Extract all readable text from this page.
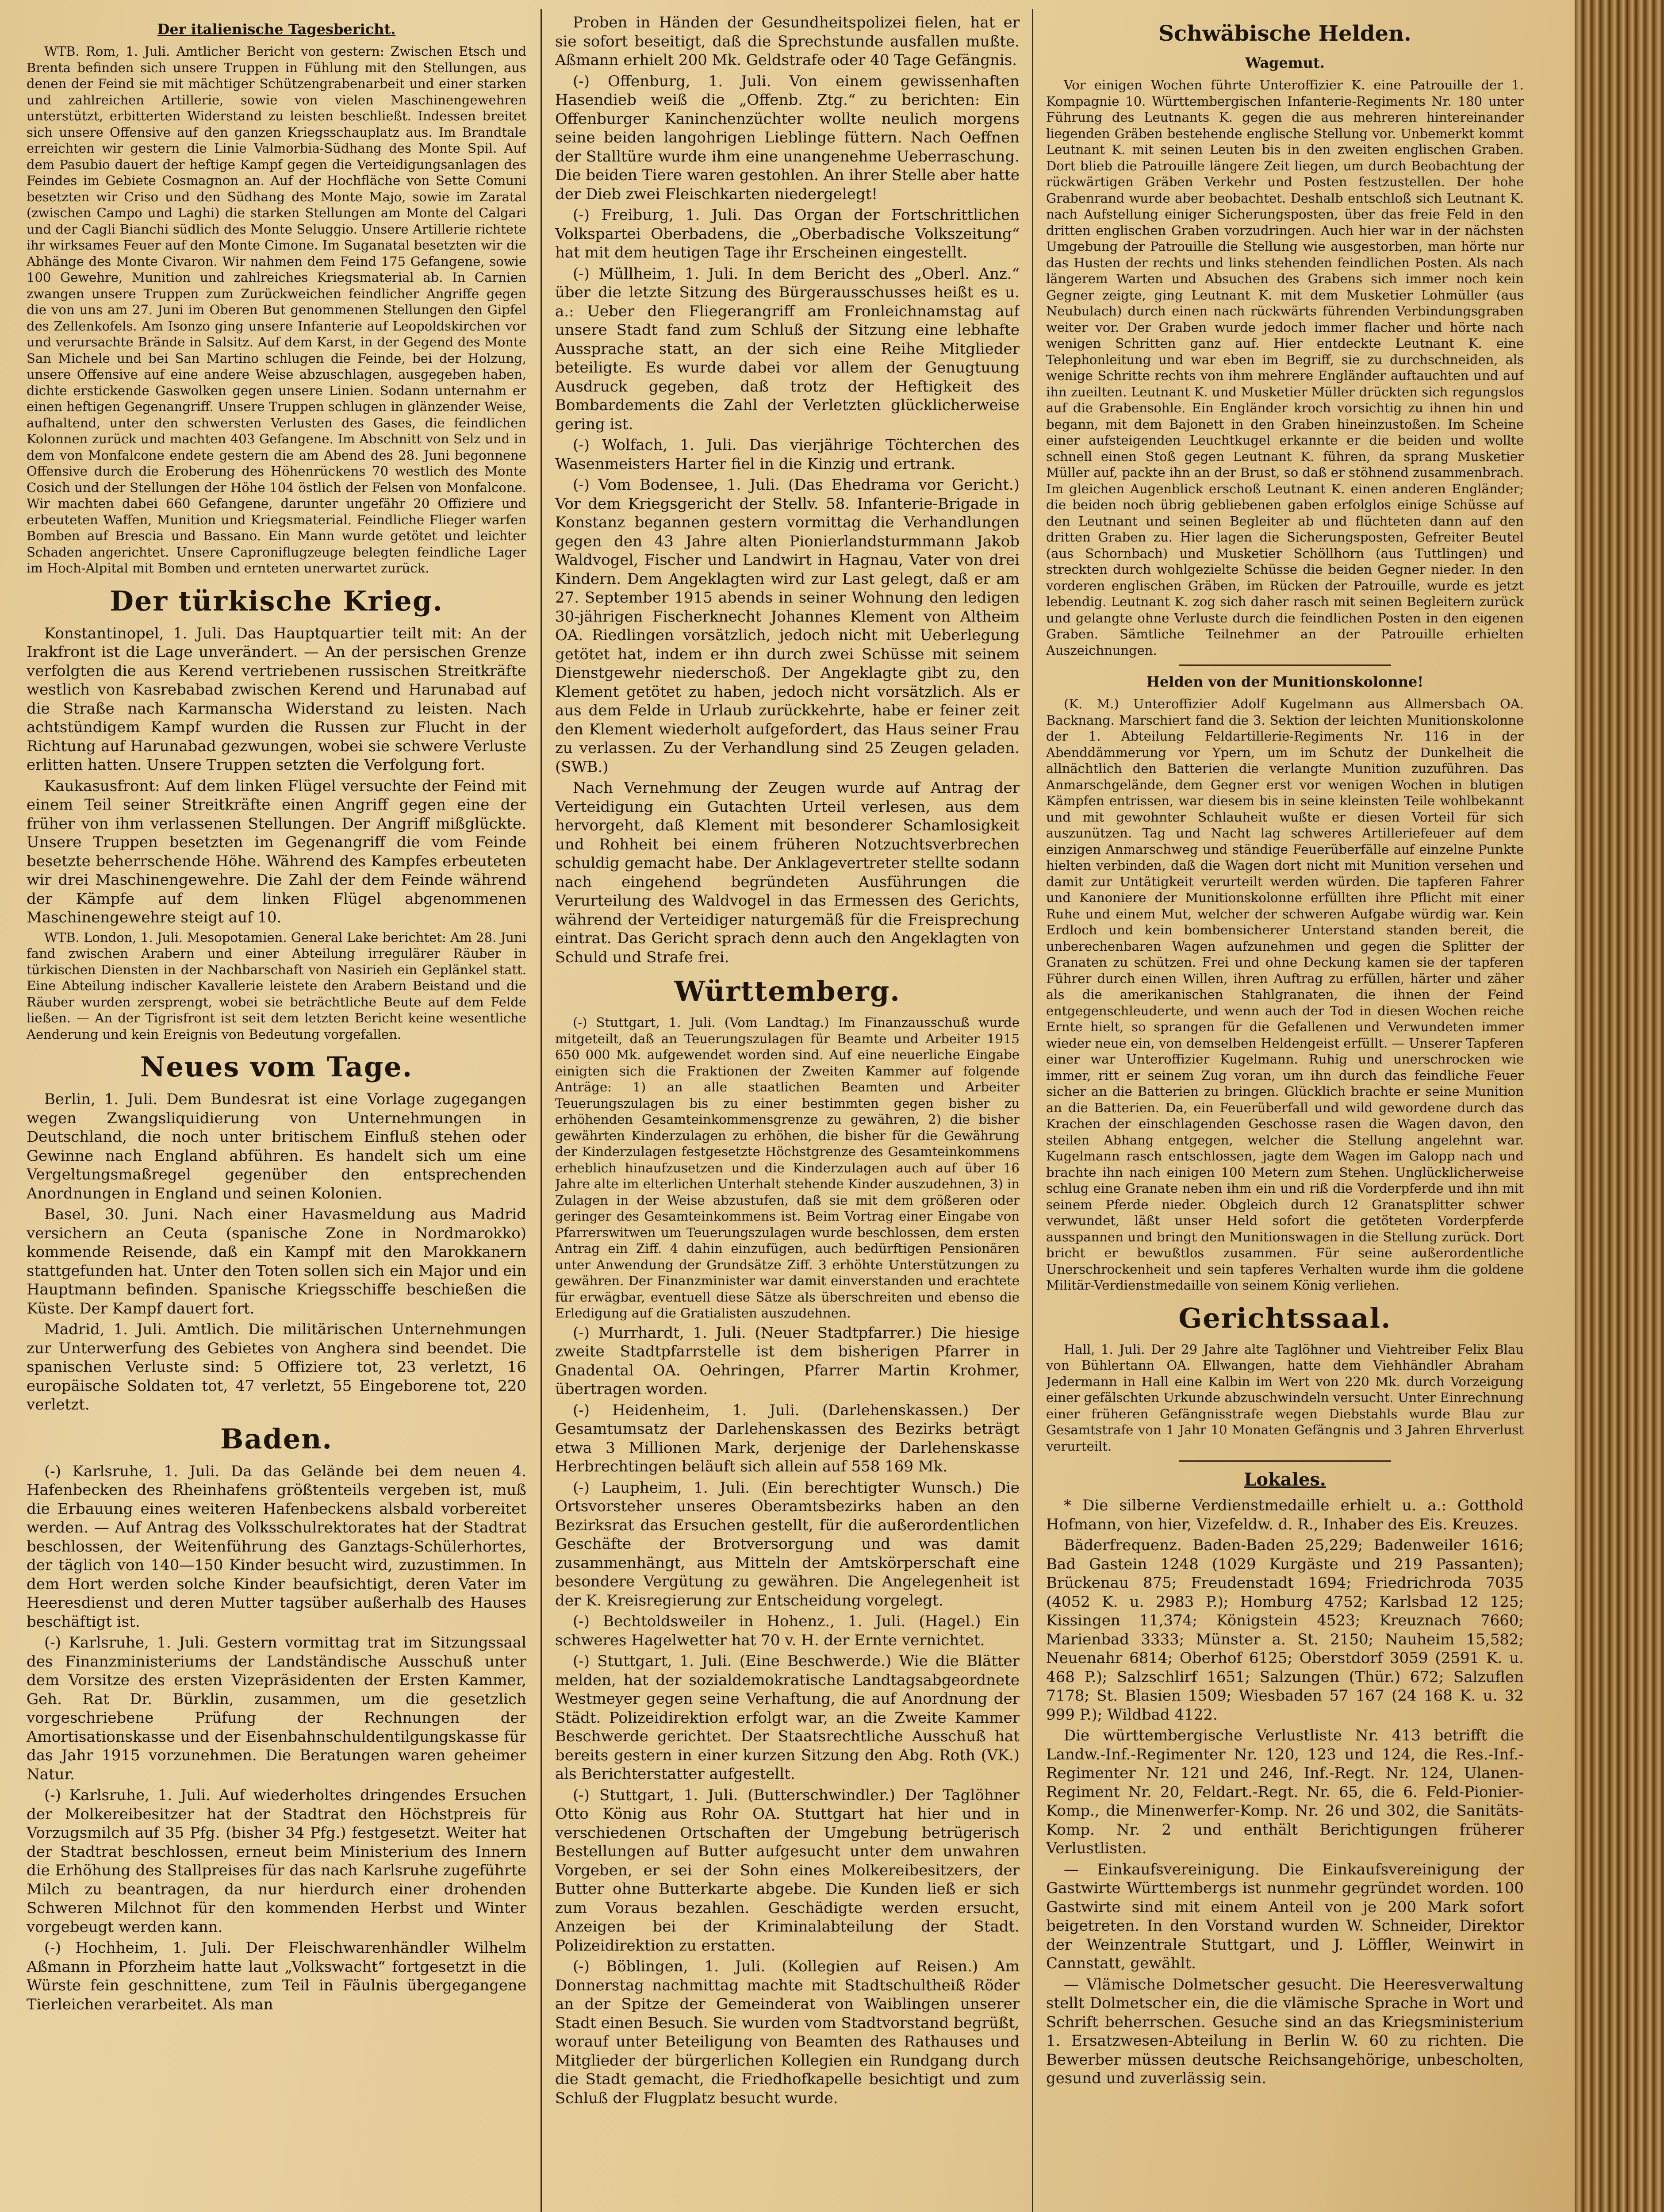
Der italienische Tagesbericht.

WTB. Rom, 1. Juli. Amtlicher Bericht von gestern: Zwischen Etsch und Brenta befinden sich unsere Truppen in Fühlung mit den Stellungen, aus denen der Feind sie mit mächtiger Schützengrabenarbeit und einer starken und zahlreichen Artillerie, sowie von vielen Maschinengewehren unterstützt, erbitterten Widerstand zu leisten beschließt. Indessen breitet sich unsere Offensive auf den ganzen Kriegsschauplatz aus. Im Brandtale erreichten wir gestern die Linie Valmorbia-Südhang des Monte Spil. Auf dem Pasubio dauert der heftige Kampf gegen die Verteidigungsanlagen des Feindes im Gebiete Cosmagnon an. Auf der Hochfläche von Sette Comuni besetzten wir Criso und den Südhang des Monte Majo, sowie im Zaratal (zwischen Campo und Laghi) die starken Stellungen am Monte del Calgari und der Cagli Bianchi südlich des Monte Seluggio. Unsere Artillerie richtete ihr wirksames Feuer auf den Monte Cimone. Im Suganatal besetzten wir die Abhänge des Monte Civaron. Wir nahmen dem Feind 175 Gefangene, sowie 100 Gewehre, Munition und zahlreiches Kriegsmaterial ab. In Carnien zwangen unsere Truppen zum Zurückweichen feindlicher Angriffe gegen die von uns am 27. Juni im Oberen But genommenen Stellungen den Gipfel des Zellenkofels. Am Isonzo ging unsere Infanterie auf Leopoldskirchen vor und verursachte Brände in Salsitz. Auf dem Karst, in der Gegend des Monte San Michele und bei San Martino schlugen die Feinde, bei der Holzung, unsere Offensive auf eine andere Weise abzuschlagen, ausgegeben haben, dichte erstickende Gaswolken gegen unsere Linien. Sodann unternahm er einen heftigen Gegenangriff. Unsere Truppen schlugen in glänzender Weise, aufhaltend, unter den schwersten Verlusten des Gases, die feindlichen Kolonnen zurück und machten 403 Gefangene. Im Abschnitt von Selz und in dem von Monfalcone endete gestern die am Abend des 28. Juni begonnene Offensive durch die Eroberung des Höhenrückens 70 westlich des Monte Cosich und der Stellungen der Höhe 104 östlich der Felsen von Monfalcone. Wir machten dabei 660 Gefangene, darunter ungefähr 20 Offiziere und erbeuteten Waffen, Munition und Kriegsmaterial. Feindliche Flieger warfen Bomben auf Brescia und Bassano. Ein Mann wurde getötet und leichter Schaden angerichtet. Unsere Caproniflugzeuge belegten feindliche Lager im Hoch-Alpital mit Bomben und ernteten unerwartet zurück.

Der türkische Krieg.

Konstantinopel, 1. Juli. Das Hauptquartier teilt mit: An der Irakfront ist die Lage unverändert. — An der persischen Grenze verfolgten die aus Kerend vertriebenen russischen Streitkräfte westlich von Kasrebabad zwischen Kerend und Harunabad auf die Straße nach Karmanscha Widerstand zu leisten. Nach achtstündigem Kampf wurden die Russen zur Flucht in der Richtung auf Harunabad gezwungen, wobei sie schwere Verluste erlitten hatten. Unsere Truppen setzten die Verfolgung fort.

Kaukasusfront: Auf dem linken Flügel versuchte der Feind mit einem Teil seiner Streitkräfte einen Angriff gegen eine der früher von ihm verlassenen Stellungen. Der Angriff mißglückte. Unsere Truppen besetzten im Gegenangriff die vom Feinde besetzte beherrschende Höhe. Während des Kampfes erbeuteten wir drei Maschinengewehre. Die Zahl der dem Feinde während der Kämpfe auf dem linken Flügel abgenommenen Maschinengewehre steigt auf 10.

WTB. London, 1. Juli. Mesopotamien. General Lake berichtet: Am 28. Juni fand zwischen Arabern und einer Abteilung irregulärer Räuber in türkischen Diensten in der Nachbarschaft von Nasirieh ein Geplänkel statt. Eine Abteilung indischer Kavallerie leistete den Arabern Beistand und die Räuber wurden zersprengt, wobei sie beträchtliche Beute auf dem Felde ließen. — An der Tigrisfront ist seit dem letzten Bericht keine wesentliche Aenderung und kein Ereignis von Bedeutung vorgefallen.

Neues vom Tage.

Berlin, 1. Juli. Dem Bundesrat ist eine Vorlage zugegangen wegen Zwangsliquidierung von Unternehmungen in Deutschland, die noch unter britischem Einfluß stehen oder Gewinne nach England abführen. Es handelt sich um eine Vergeltungsmaßregel gegenüber den entsprechenden Anordnungen in England und seinen Kolonien.

Basel, 30. Juni. Nach einer Havasmeldung aus Madrid versichern an Ceuta (spanische Zone in Nordmarokko) kommende Reisende, daß ein Kampf mit den Marokkanern stattgefunden hat. Unter den Toten sollen sich ein Major und ein Hauptmann befinden. Spanische Kriegsschiffe beschießen die Küste. Der Kampf dauert fort.

Madrid, 1. Juli. Amtlich. Die militärischen Unternehmungen zur Unterwerfung des Gebietes von Anghera sind beendet. Die spanischen Verluste sind: 5 Offiziere tot, 23 verletzt, 16 europäische Soldaten tot, 47 verletzt, 55 Eingeborene tot, 220 verletzt.

Baden.

(-) Karlsruhe, 1. Juli. Da das Gelände bei dem neuen 4. Hafenbecken des Rheinhafens größtenteils vergeben ist, muß die Erbauung eines weiteren Hafenbeckens alsbald vorbereitet werden. — Auf Antrag des Volksschulrektorates hat der Stadtrat beschlossen, der Weitenführung des Ganztags-Schülerhortes, der täglich von 140—150 Kinder besucht wird, zuzustimmen. In dem Hort werden solche Kinder beaufsichtigt, deren Vater im Heeresdienst und deren Mutter tagsüber außerhalb des Hauses beschäftigt ist.

(-) Karlsruhe, 1. Juli. Gestern vormittag trat im Sitzungssaal des Finanzministeriums der Landständische Ausschuß unter dem Vorsitze des ersten Vizepräsidenten der Ersten Kammer, Geh. Rat Dr. Bürklin, zusammen, um die gesetzlich vorgeschriebene Prüfung der Rechnungen der Amortisationskasse und der Eisenbahnschuldentilgungskasse für das Jahr 1915 vorzunehmen. Die Beratungen waren geheimer Natur.

(-) Karlsruhe, 1. Juli. Auf wiederholtes dringendes Ersuchen der Molkereibesitzer hat der Stadtrat den Höchstpreis für Vorzugsmilch auf 35 Pfg. (bisher 34 Pfg.) festgesetzt. Weiter hat der Stadtrat beschlossen, erneut beim Ministerium des Innern die Erhöhung des Stallpreises für das nach Karlsruhe zugeführte Milch zu beantragen, da nur hierdurch einer drohenden Schweren Milchnot für den kommenden Herbst und Winter vorgebeugt werden kann.

(-) Hochheim, 1. Juli. Der Fleischwarenhändler Wilhelm Aßmann in Pforzheim hatte laut „Volkswacht“ fortgesetzt in die Würste fein geschnittene, zum Teil in Fäulnis übergegangene Tierleichen verarbeitet. Als man

Proben in Händen der Gesundheitspolizei fielen, hat er sie sofort beseitigt, daß die Sprechstunde ausfallen mußte. Aßmann erhielt 200 Mk. Geldstrafe oder 40 Tage Gefängnis.

(-) Offenburg, 1. Juli. Von einem gewissenhaften Hasendieb weiß die „Offenb. Ztg.“ zu berichten: Ein Offenburger Kaninchenzüchter wollte neulich morgens seine beiden langohrigen Lieblinge füttern. Nach Oeffnen der Stalltüre wurde ihm eine unangenehme Ueberraschung. Die beiden Tiere waren gestohlen. An ihrer Stelle aber hatte der Dieb zwei Fleischkarten niedergelegt!

(-) Freiburg, 1. Juli. Das Organ der Fortschrittlichen Volkspartei Oberbadens, die „Oberbadische Volkszeitung“ hat mit dem heutigen Tage ihr Erscheinen eingestellt.

(-) Müllheim, 1. Juli. In dem Bericht des „Oberl. Anz.“ über die letzte Sitzung des Bürgerausschusses heißt es u. a.: Ueber den Fliegerangriff am Fronleichnamstag auf unsere Stadt fand zum Schluß der Sitzung eine lebhafte Aussprache statt, an der sich eine Reihe Mitglieder beteiligte. Es wurde dabei vor allem der Genugtuung Ausdruck gegeben, daß trotz der Heftigkeit des Bombardements die Zahl der Verletzten glücklicherweise gering ist.

(-) Wolfach, 1. Juli. Das vierjährige Töchterchen des Wasenmeisters Harter fiel in die Kinzig und ertrank.

(-) Vom Bodensee, 1. Juli. (Das Ehedrama vor Gericht.) Vor dem Kriegsgericht der Stellv. 58. Infanterie-Brigade in Konstanz begannen gestern vormittag die Verhandlungen gegen den 43 Jahre alten Pionierlandsturmmann Jakob Waldvogel, Fischer und Landwirt in Hagnau, Vater von drei Kindern. Dem Angeklagten wird zur Last gelegt, daß er am 27. September 1915 abends in seiner Wohnung den ledigen 30-jährigen Fischerknecht Johannes Klement von Altheim OA. Riedlingen vorsätzlich, jedoch nicht mit Ueberlegung getötet hat, indem er ihn durch zwei Schüsse mit seinem Dienstgewehr niederschoß. Der Angeklagte gibt zu, den Klement getötet zu haben, jedoch nicht vorsätzlich. Als er aus dem Felde in Urlaub zurückkehrte, habe er feiner zeit den Klement wiederholt aufgefordert, das Haus seiner Frau zu verlassen. Zu der Verhandlung sind 25 Zeugen geladen. (SWB.)

Nach Vernehmung der Zeugen wurde auf Antrag der Verteidigung ein Gutachten Urteil verlesen, aus dem hervorgeht, daß Klement mit besonderer Schamlosigkeit und Rohheit bei einem früheren Notzuchtsverbrechen schuldig gemacht habe. Der Anklagevertreter stellte sodann nach eingehend begründeten Ausführungen die Verurteilung des Waldvogel in das Ermessen des Gerichts, während der Verteidiger naturgemäß für die Freisprechung eintrat. Das Gericht sprach denn auch den Angeklagten von Schuld und Strafe frei.

Württemberg.

(-) Stuttgart, 1. Juli. (Vom Landtag.) Im Finanzausschuß wurde mitgeteilt, daß an Teuerungszulagen für Beamte und Arbeiter 1915 650 000 Mk. aufgewendet worden sind. Auf eine neuerliche Eingabe einigten sich die Fraktionen der Zweiten Kammer auf folgende Anträge: 1) an alle staatlichen Beamten und Arbeiter Teuerungszulagen bis zu einer bestimmten gegen bisher zu erhöhenden Gesamteinkommensgrenze zu gewähren, 2) die bisher gewährten Kinderzulagen zu erhöhen, die bisher für die Gewährung der Kinderzulagen festgesetzte Höchstgrenze des Gesamteinkommens erheblich hinaufzusetzen und die Kinderzulagen auch auf über 16 Jahre alte im elterlichen Unterhalt stehende Kinder auszudehnen, 3) in Zulagen in der Weise abzustufen, daß sie mit dem größeren oder geringer des Gesamteinkommens ist. Beim Vortrag einer Eingabe von Pfarrerswitwen um Teuerungszulagen wurde beschlossen, dem ersten Antrag ein Ziff. 4 dahin einzufügen, auch bedürftigen Pensionären unter Anwendung der Grundsätze Ziff. 3 erhöhte Unterstützungen zu gewähren. Der Finanzminister war damit einverstanden und erachtete für erwägbar, eventuell diese Sätze als überschreiten und ebenso die Erledigung auf die Gratialisten auszudehnen.

(-) Murrhardt, 1. Juli. (Neuer Stadtpfarrer.) Die hiesige zweite Stadtpfarrstelle ist dem bisherigen Pfarrer in Gnadental OA. Oehringen, Pfarrer Martin Krohmer, übertragen worden.

(-) Heidenheim, 1. Juli. (Darlehenskassen.) Der Gesamtumsatz der Darlehenskassen des Bezirks beträgt etwa 3 Millionen Mark, derjenige der Darlehenskasse Herbrechtingen beläuft sich allein auf 558 169 Mk.

(-) Laupheim, 1. Juli. (Ein berechtigter Wunsch.) Die Ortsvorsteher unseres Oberamtsbezirks haben an den Bezirksrat das Ersuchen gestellt, für die außerordentlichen Geschäfte der Brotversorgung und was damit zusammenhängt, aus Mitteln der Amtskörperschaft eine besondere Vergütung zu gewähren. Die Angelegenheit ist der K. Kreisregierung zur Entscheidung vorgelegt.

(-) Bechtoldsweiler in Hohenz., 1. Juli. (Hagel.) Ein schweres Hagelwetter hat 70 v. H. der Ernte vernichtet.

(-) Stuttgart, 1. Juli. (Eine Beschwerde.) Wie die Blätter melden, hat der sozialdemokratische Landtagsabgeordnete Westmeyer gegen seine Verhaftung, die auf Anordnung der Städt. Polizeidirektion erfolgt war, an die Zweite Kammer Beschwerde gerichtet. Der Staatsrechtliche Ausschuß hat bereits gestern in einer kurzen Sitzung den Abg. Roth (VK.) als Berichterstatter aufgestellt.

(-) Stuttgart, 1. Juli. (Butterschwindler.) Der Taglöhner Otto König aus Rohr OA. Stuttgart hat hier und in verschiedenen Ortschaften der Umgebung betrügerisch Bestellungen auf Butter aufgesucht unter dem unwahren Vorgeben, er sei der Sohn eines Molkereibesitzers, der Butter ohne Butterkarte abgebe. Die Kunden ließ er sich zum Voraus bezahlen. Geschädigte werden ersucht, Anzeigen bei der Kriminalabteilung der Stadt. Polizeidirektion zu erstatten.

(-) Böblingen, 1. Juli. (Kollegien auf Reisen.) Am Donnerstag nachmittag machte mit Stadtschultheiß Röder an der Spitze der Gemeinderat von Waiblingen unserer Stadt einen Besuch. Sie wurden vom Stadtvorstand begrüßt, worauf unter Beteiligung von Beamten des Rathauses und Mitglieder der bürgerlichen Kollegien ein Rundgang durch die Stadt gemacht, die Friedhofkapelle besichtigt und zum Schluß der Flugplatz besucht wurde.

Schwäbische Helden.
Wagemut.

Vor einigen Wochen führte Unteroffizier K. eine Patrouille der 1. Kompagnie 10. Württembergischen Infanterie-Regiments Nr. 180 unter Führung des Leutnants K. gegen die aus mehreren hintereinander liegenden Gräben bestehende englische Stellung vor. Unbemerkt kommt Leutnant K. mit seinen Leuten bis in den zweiten englischen Graben. Dort blieb die Patrouille längere Zeit liegen, um durch Beobachtung der rückwärtigen Gräben Verkehr und Posten festzustellen. Der hohe Grabenrand wurde aber beobachtet. Deshalb entschloß sich Leutnant K. nach Aufstellung einiger Sicherungsposten, über das freie Feld in den dritten englischen Graben vorzudringen. Auch hier war in der nächsten Umgebung der Patrouille die Stellung wie ausgestorben, man hörte nur das Husten der rechts und links stehenden feindlichen Posten. Als nach längerem Warten und Absuchen des Grabens sich immer noch kein Gegner zeigte, ging Leutnant K. mit dem Musketier Lohmüller (aus Neubulach) durch einen nach rückwärts führenden Verbindungsgraben weiter vor. Der Graben wurde jedoch immer flacher und hörte nach wenigen Schritten ganz auf. Hier entdeckte Leutnant K. eine Telephonleitung und war eben im Begriff, sie zu durchschneiden, als wenige Schritte rechts von ihm mehrere Engländer auftauchten und auf ihn zueilten. Leutnant K. und Musketier Müller drückten sich regungslos auf die Grabensohle. Ein Engländer kroch vorsichtig zu ihnen hin und begann, mit dem Bajonett in den Graben hineinzustoßen. Im Scheine einer aufsteigenden Leuchtkugel erkannte er die beiden und wollte schnell einen Stoß gegen Leutnant K. führen, da sprang Musketier Müller auf, packte ihn an der Brust, so daß er stöhnend zusammenbrach. Im gleichen Augenblick erschoß Leutnant K. einen anderen Engländer; die beiden noch übrig gebliebenen gaben erfolglos einige Schüsse auf den Leutnant und seinen Begleiter ab und flüchteten dann auf den dritten Graben zu. Hier lagen die Sicherungsposten, Gefreiter Beutel (aus Schornbach) und Musketier Schöllhorn (aus Tuttlingen) und streckten durch wohlgezielte Schüsse die beiden Gegner nieder. In den vorderen englischen Gräben, im Rücken der Patrouille, wurde es jetzt lebendig. Leutnant K. zog sich daher rasch mit seinen Begleitern zurück und gelangte ohne Verluste durch die feindlichen Posten in den eigenen Graben. Sämtliche Teilnehmer an der Patrouille erhielten Auszeichnungen.

Helden von der Munitionskolonne!

(K. M.) Unteroffizier Adolf Kugelmann aus Allmersbach OA. Backnang. Marschiert fand die 3. Sektion der leichten Munitionskolonne der 1. Abteilung Feldartillerie-Regiments Nr. 116 in der Abenddämmerung vor Ypern, um im Schutz der Dunkelheit die allnächtlich den Batterien die verlangte Munition zuzuführen. Das Anmarschgelände, dem Gegner erst vor wenigen Wochen in blutigen Kämpfen entrissen, war diesem bis in seine kleinsten Teile wohlbekannt und mit gewohnter Schlauheit wußte er diesen Vorteil für sich auszunützen. Tag und Nacht lag schweres Artilleriefeuer auf dem einzigen Anmarschweg und ständige Feuerüberfälle auf einzelne Punkte hielten verbinden, daß die Wagen dort nicht mit Munition versehen und damit zur Untätigkeit verurteilt werden würden. Die tapferen Fahrer und Kanoniere der Munitionskolonne erfüllten ihre Pflicht mit einer Ruhe und einem Mut, welcher der schweren Aufgabe würdig war. Kein Erdloch und kein bombensicherer Unterstand standen bereit, die unberechenbaren Wagen aufzunehmen und gegen die Splitter der Granaten zu schützen. Frei und ohne Deckung kamen sie der tapferen Führer durch einen Willen, ihren Auftrag zu erfüllen, härter und zäher als die amerikanischen Stahlgranaten, die ihnen der Feind entgegenschleuderte, und wenn auch der Tod in diesen Wochen reiche Ernte hielt, so sprangen für die Gefallenen und Verwundeten immer wieder neue ein, von demselben Heldengeist erfüllt. — Unserer Tapferen einer war Unteroffizier Kugelmann. Ruhig und unerschrocken wie immer, ritt er seinem Zug voran, um ihn durch das feindliche Feuer sicher an die Batterien zu bringen. Glücklich brachte er seine Munition an die Batterien. Da, ein Feuerüberfall und wild gewordene durch das Krachen der einschlagenden Geschosse rasen die Wagen davon, den steilen Abhang entgegen, welcher die Stellung angelehnt war. Kugelmann rasch entschlossen, jagte dem Wagen im Galopp nach und brachte ihn nach einigen 100 Metern zum Stehen. Unglücklicherweise schlug eine Granate neben ihm ein und riß die Vorderpferde und ihn mit seinem Pferde nieder. Obgleich durch 12 Granatsplitter schwer verwundet, läßt unser Held sofort die getöteten Vorderpferde ausspannen und bringt den Munitionswagen in die Stellung zurück. Dort bricht er bewußtlos zusammen. Für seine außerordentliche Unerschrockenheit und sein tapferes Verhalten wurde ihm die goldene Militär-Verdienstmedaille von seinem König verliehen.

Gerichtssaal.

Hall, 1. Juli. Der 29 Jahre alte Taglöhner und Viehtreiber Felix Blau von Bühlertann OA. Ellwangen, hatte dem Viehhändler Abraham Jedermann in Hall eine Kalbin im Wert von 220 Mk. durch Vorzeigung einer gefälschten Urkunde abzuschwindeln versucht. Unter Einrechnung einer früheren Gefängnisstrafe wegen Diebstahls wurde Blau zur Gesamtstrafe von 1 Jahr 10 Monaten Gefängnis und 3 Jahren Ehrverlust verurteilt.

Lokales.

* Die silberne Verdienstmedaille erhielt u. a.: Gotthold Hofmann, von hier, Vizefeldw. d. R., Inhaber des Eis. Kreuzes.

Bäderfrequenz. Baden-Baden 25,229; Badenweiler 1616; Bad Gastein 1248 (1029 Kurgäste und 219 Passanten); Brückenau 875; Freudenstadt 1694; Friedrichroda 7035 (4052 K. u. 2983 P.); Homburg 4752; Karlsbad 12 125; Kissingen 11,374; Königstein 4523; Kreuznach 7660; Marienbad 3333; Münster a. St. 2150; Nauheim 15,582; Neuenahr 6814; Oberhof 6125; Oberstdorf 3059 (2591 K. u. 468 P.); Salzschlirf 1651; Salzungen (Thür.) 672; Salzuflen 7178; St. Blasien 1509; Wiesbaden 57 167 (24 168 K. u. 32 999 P.); Wildbad 4122.

Die württembergische Verlustliste Nr. 413 betrifft die Landw.-Inf.-Regimenter Nr. 120, 123 und 124, die Res.-Inf.-Regimenter Nr. 121 und 246, Inf.-Regt. Nr. 124, Ulanen-Regiment Nr. 20, Feldart.-Regt. Nr. 65, die 6. Feld-Pionier-Komp., die Minenwerfer-Komp. Nr. 26 und 302, die Sanitäts-Komp. Nr. 2 und enthält Berichtigungen früherer Verlustlisten.

— Einkaufsvereinigung. Die Einkaufsvereinigung der Gastwirte Württembergs ist nunmehr gegründet worden. 100 Gastwirte sind mit einem Anteil von je 200 Mark sofort beigetreten. In den Vorstand wurden W. Schneider, Direktor der Weinzentrale Stuttgart, und J. Löffler, Weinwirt in Cannstatt, gewählt.

— Vlämische Dolmetscher gesucht. Die Heeresverwaltung stellt Dolmetscher ein, die die vlämische Sprache in Wort und Schrift beherrschen. Gesuche sind an das Kriegsministerium 1. Ersatzwesen-Abteilung in Berlin W. 60 zu richten. Die Bewerber müssen deutsche Reichsangehörige, unbescholten, gesund und zuverlässig sein.
